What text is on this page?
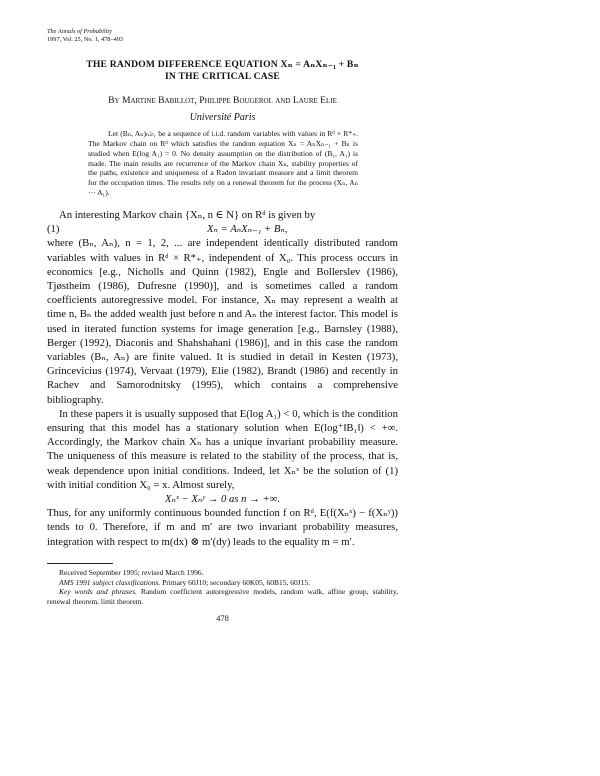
The Annals of Probability
1997, Vol. 25, No. 1, 478–493
THE RANDOM DIFFERENCE EQUATION Xₙ = AₙXₙ₋₁ + Bₙ
IN THE CRITICAL CASE
By Martine Babillot, Philippe Bougerol and Laure Elie
Université Paris
Let (Bₙ, Aₙ)ₙ≥₁ be a sequence of i.i.d. random variables with values in Rᵈ × R*₊. The Markov chain on Rᵈ which satisfies the random equation Xₙ = AₙXₙ₋₁ + Bₙ is studied when E(log A₁) = 0. No density assumption on the distribution of (B₁, A₁) is made. The main results are recurrence of the Markov chain Xₙ, stability properties of the paths, existence and uniqueness of a Radon invariant measure and a limit theorem for the occupation times. The results rely on a renewal theorem for the process (Xₙ, Aₙ ··· A₁).

An interesting Markov chain {Xₙ, n ∈ N} on Rᵈ is given by

(1)	Xₙ = AₙXₙ₋₁ + Bₙ,

where (Bₙ, Aₙ), n = 1, 2, ... are independent identically distributed random variables with values in Rᵈ × R*₊, independent of X₀. This process occurs in economics [e.g., Nicholls and Quinn (1982), Engle and Bollerslev (1986), Tjøstheim (1986), Dufresne (1990)], and is sometimes called a random coefficients autoregressive model. For instance, Xₙ may represent a wealth at time n, Bₙ the added wealth just before n and Aₙ the interest factor. This model is used in iterated function systems for image generation [e.g., Barnsley (1988), Berger (1992), Diaconis and Shahshahani (1986)], and in this case the random variables (Bₙ, Aₙ) are finite valued. It is studied in detail in Kesten (1973), Grincevicius (1974), Vervaat (1979), Elie (1982), Brandt (1986) and recently in Rachev and Samorodnitsky (1995), which contains a comprehensive bibliography.

In these papers it is usually supposed that E(log A₁) < 0, which is the condition ensuring that this model has a stationary solution when E(log⁺‖B₁‖) < +∞. Accordingly, the Markov chain Xₙ has a unique invariant probability measure. The uniqueness of this measure is related to the stability of the process, that is, weak dependence upon initial conditions. Indeed, let Xₙˣ be the solution of (1) with initial condition X₀ = x. Almost surely,

Xₙˣ − Xₙʸ → 0 as n → +∞.

Thus, for any uniformly continuous bounded function f on Rᵈ, E(f(Xₙˣ) − f(Xₙʸ)) tends to 0. Therefore, if m and m′ are two invariant probability measures, integration with respect to m(dx) ⊗ m′(dy) leads to the equality m = m′.

Received September 1995; revised March 1996.

AMS 1991 subject classifications. Primary 60J10; secondary 60K05, 60B15, 60J15.

Key words and phrases. Random coefficient autoregressive models, random walk, affine group, stability, renewal theorem, limit theorem.

478
